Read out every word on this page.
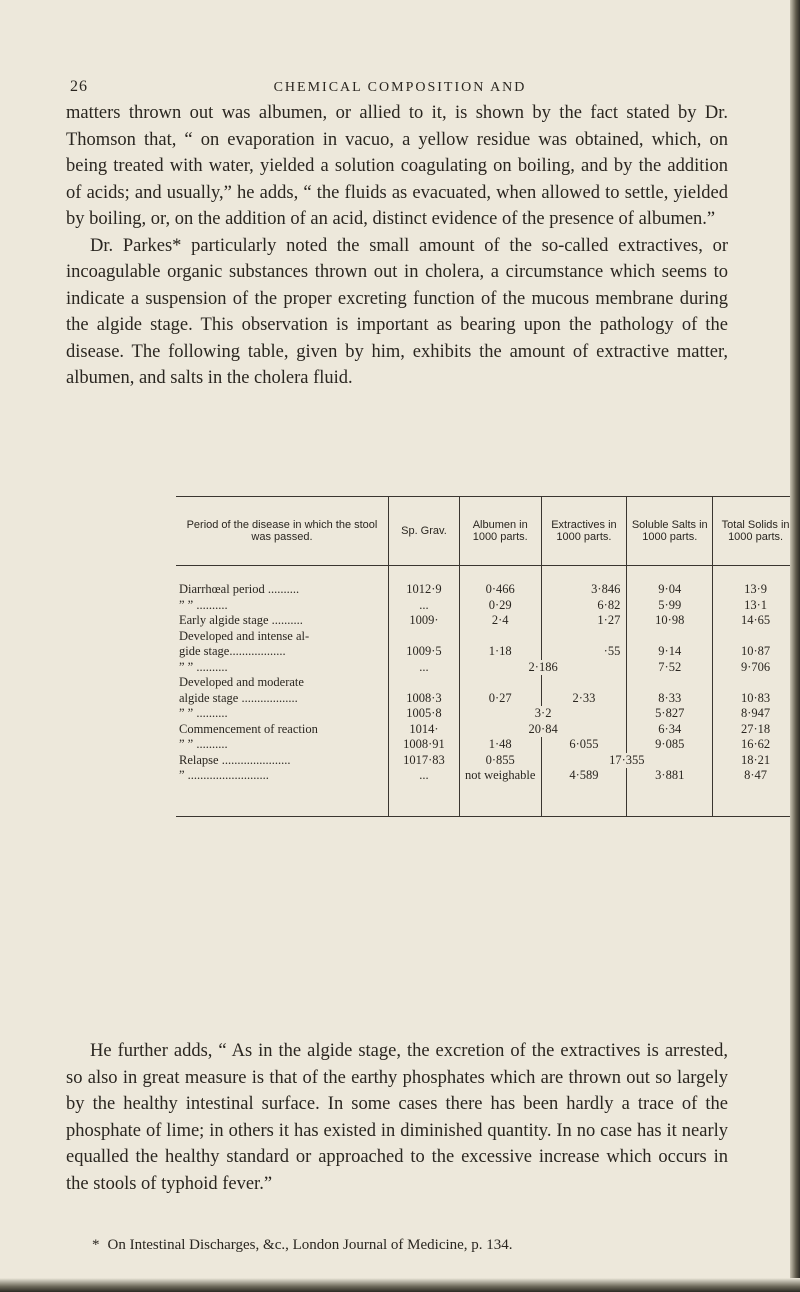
26	CHEMICAL COMPOSITION AND

matters thrown out was albumen, or allied to it, is shown by the fact stated by Dr. Thomson that, “ on evaporation in vacuo, a yellow residue was obtained, which, on being treated with water, yielded a solution coagulating on boiling, and by the addition of acids; and usually,” he adds, “ the fluids as evacuated, when allowed to settle, yielded by boiling, or, on the addition of an acid, distinct evidence of the presence of albumen.”

Dr. Parkes* particularly noted the small amount of the so-called extractives, or incoagulable organic substances thrown out in cholera, a circumstance which seems to indicate a suspension of the proper excreting function of the mucous membrane during the algide stage. This observation is important as bearing upon the pathology of the disease. The following table, given by him, exhibits the amount of extractive matter, albumen, and salts in the cholera fluid.

Period of the disease in which the stool was passed.	Sp. Grav.	Albumen in 1000 parts.	Extractives in 1000 parts.	Soluble Salts in 1000 parts.	Total Solids in 1000 parts.
Diarrhœal period ..........	1012·9	0·466	3·846	9·04	13·9
” ” ..........	...	0·29	6·82	5·99	13·1
Early algide stage ..........	1009·	2·4	1·27	10·98	14·65
Developed and intense al-					
gide stage..................	1009·5	1·18	·55	9·14	10·87
” ” ..........	...	2·186		7·52	9·706
Developed and moderate					
algide stage ..................	1008·3	0·27	2·33	8·33	10·83
” ” ..........	1005·8	3·2		5·827	8·947
Commencement of reaction	1014·	20·84		6·34	27·18
” ” ..........	1008·91	1·48	6·055	9·085	16·62
Relapse ......................	1017·83	0·855	17·355		18·21
” ..........................	...	not weighable	4·589	3·881	8·47

He further adds, “ As in the algide stage, the excretion of the extractives is arrested, so also in great measure is that of the earthy phosphates which are thrown out so largely by the healthy intestinal surface. In some cases there has been hardly a trace of the phosphate of lime; in others it has existed in diminished quantity. In no case has it nearly equalled the healthy standard or approached to the excessive increase which occurs in the stools of typhoid fever.”

* On Intestinal Discharges, &c., London Journal of Medicine, p. 134.
